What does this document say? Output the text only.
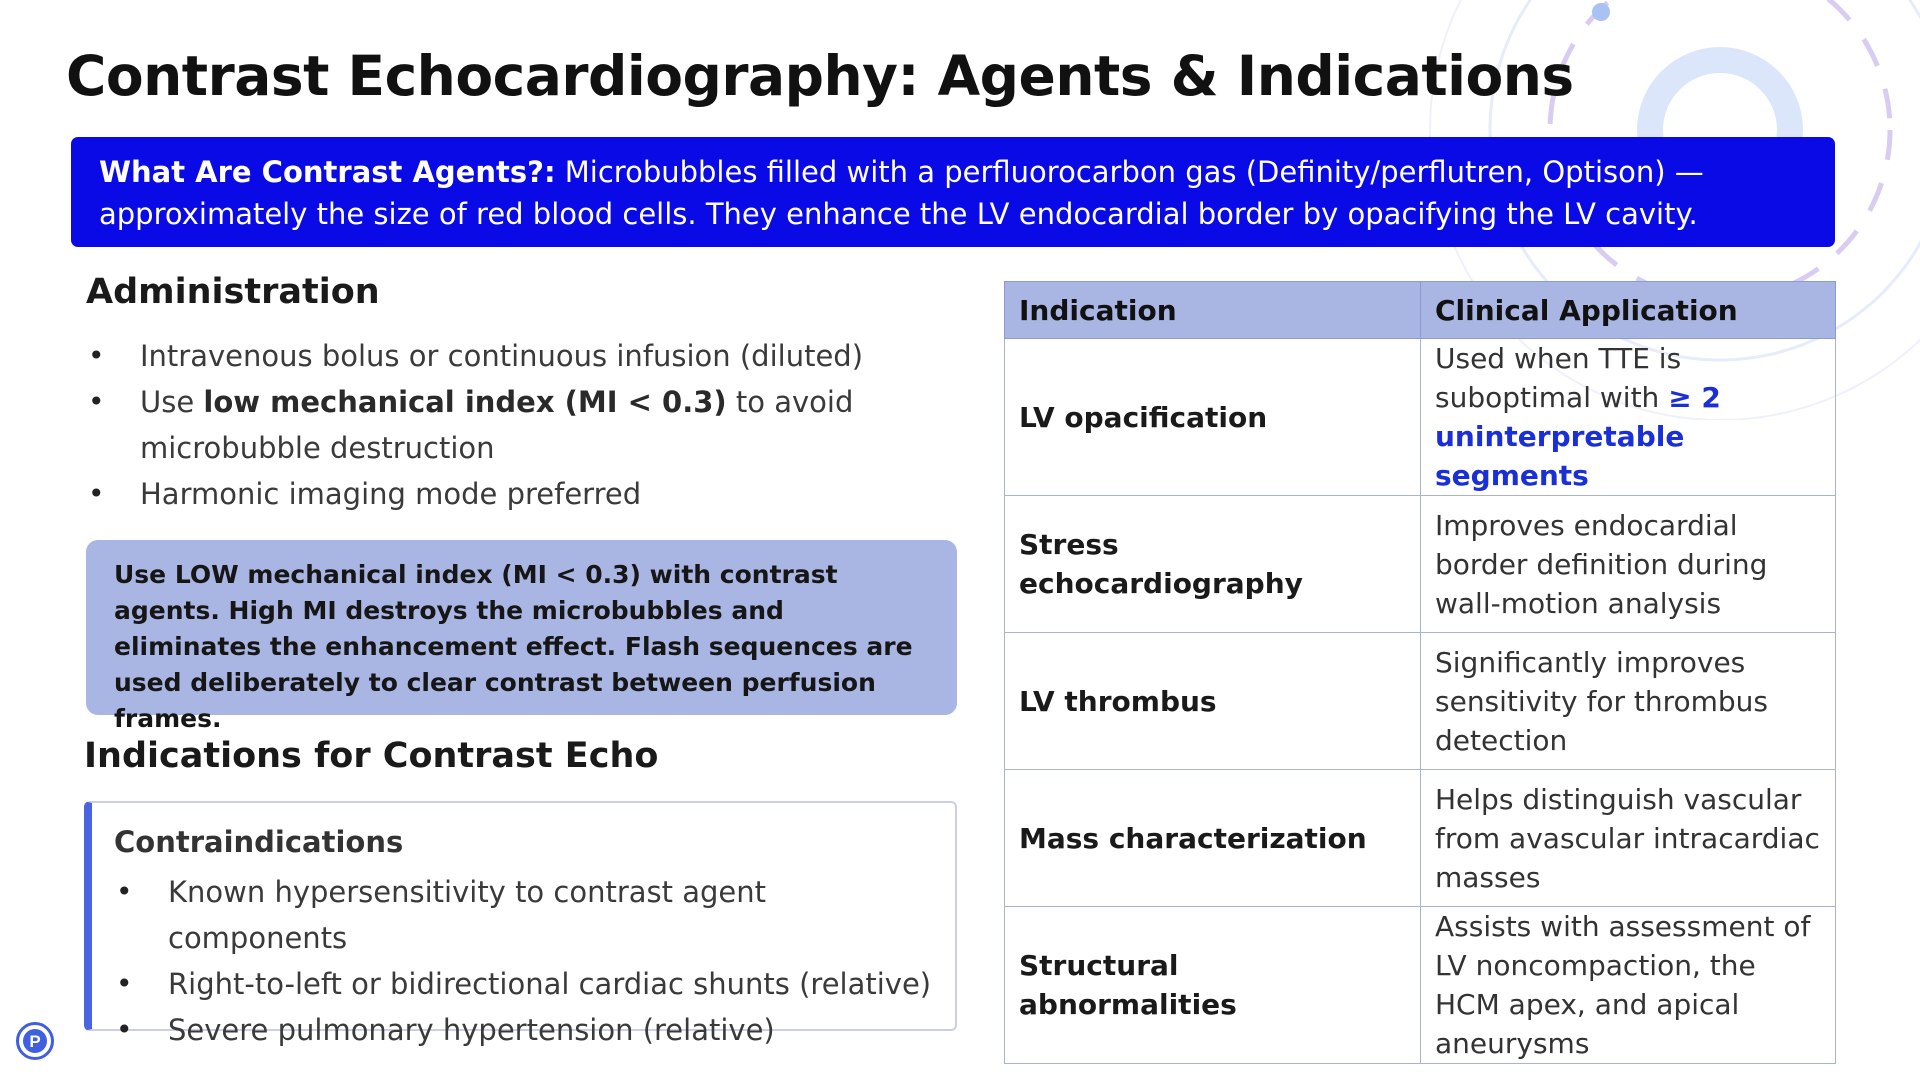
Contrast Echocardiography: Agents & Indications
What Are Contrast Agents?: Microbubbles filled with a perfluorocarbon gas (Definity/perflutren, Optison) — approximately the size of red blood cells. They enhance the LV endocardial border by opacifying the LV cavity.
Administration
• Intravenous bolus or continuous infusion (diluted)
• Use low mechanical index (MI < 0.3) to avoid microbubble destruction
• Harmonic imaging mode preferred
Use LOW mechanical index (MI < 0.3) with contrast agents. High MI destroys the microbubbles and eliminates the enhancement effect. Flash sequences are used deliberately to clear contrast between perfusion frames.
Indications for Contrast Echo
Contraindications
• Known hypersensitivity to contrast agent components
• Right-to-left or bidirectional cardiac shunts (relative)
• Severe pulmonary hypertension (relative)
Indication	Clinical Application
LV opacification	Used when TTE is suboptimal with ≥ 2 uninterpretable segments
Stress echocardiography	Improves endocardial border definition during wall-motion analysis
LV thrombus	Significantly improves sensitivity for thrombus detection
Mass characterization	Helps distinguish vascular from avascular intracardiac masses
Structural abnormalities	Assists with assessment of LV noncompaction, the HCM apex, and apical aneurysms
P
